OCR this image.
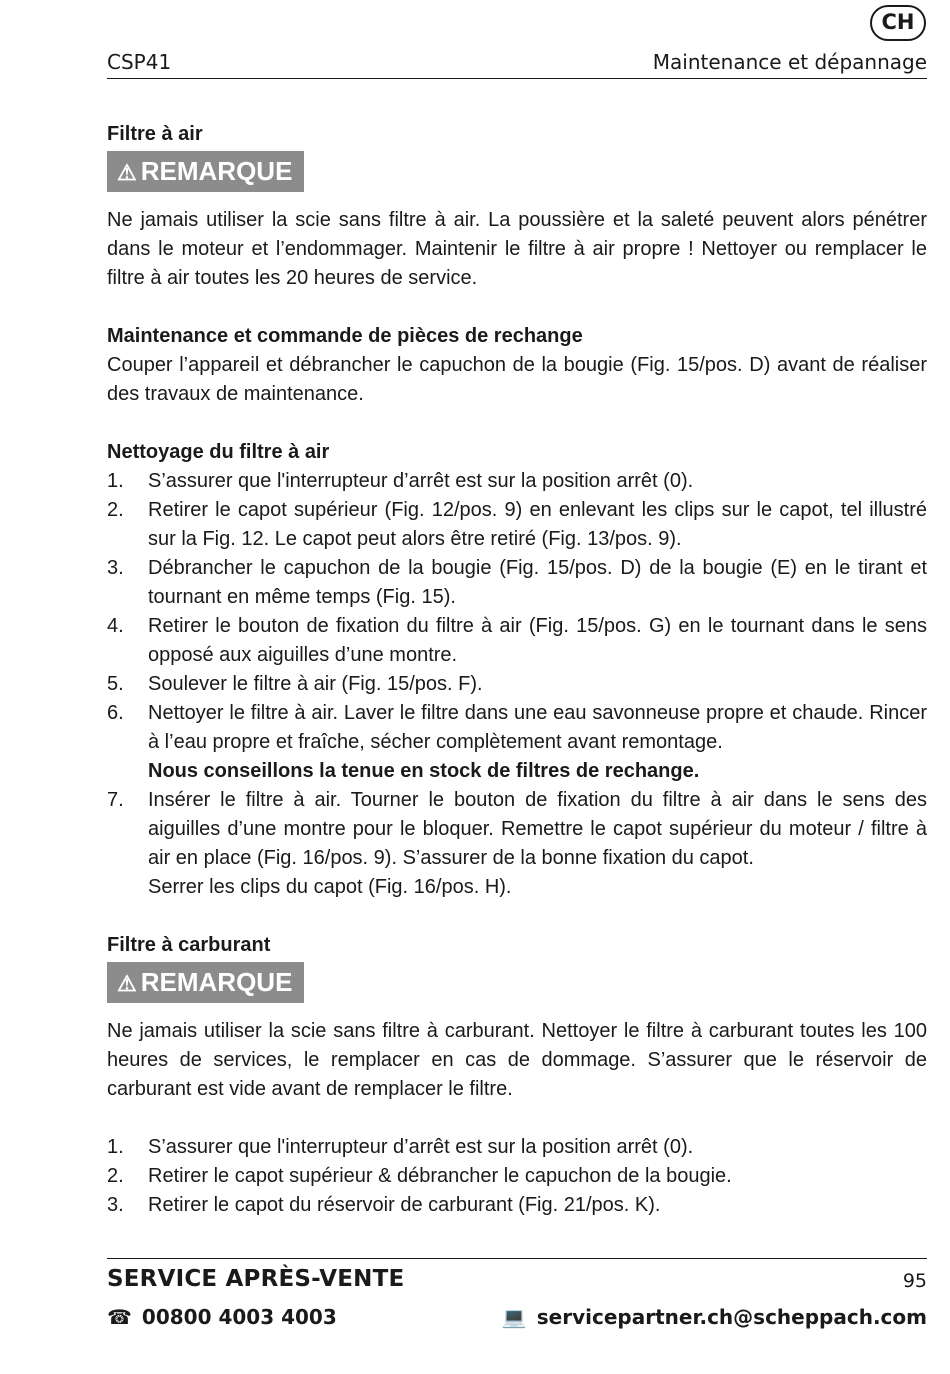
CH
CSP41	Maintenance et dépannage
Filtre à air
⚠ REMARQUE

Ne jamais utiliser la scie sans filtre à air. La poussière et la saleté peuvent alors pénétrer dans le moteur et l’endommager. Maintenir le filtre à air propre ! Nettoyer ou remplacer le filtre à air toutes les 20 heures de service.

Maintenance et commande de pièces de rechange

Couper l’appareil et débrancher le capuchon de la bougie (Fig. 15/pos. D) avant de réaliser des travaux de maintenance.

Nettoyage du filtre à air
1. S’assurer que l'interrupteur d’arrêt est sur la position arrêt (0).
2. Retirer le capot supérieur (Fig. 12/pos. 9) en enlevant les clips sur le capot, tel illustré sur la Fig. 12. Le capot peut alors être retiré (Fig. 13/pos. 9).
3. Débrancher le capuchon de la bougie (Fig. 15/pos. D) de la bougie (E) en le tirant et tournant en même temps (Fig. 15).
4. Retirer le bouton de fixation du filtre à air (Fig. 15/pos. G) en le tournant dans le sens opposé aux aiguilles d’une montre.
5. Soulever le filtre à air (Fig. 15/pos. F).
6. Nettoyer le filtre à air. Laver le filtre dans une eau savonneuse propre et chaude. Rincer à l’eau propre et fraîche, sécher complètement avant remontage.
Nous conseillons la tenue en stock de filtres de rechange.
7. Insérer le filtre à air. Tourner le bouton de fixation du filtre à air dans le sens des aiguilles d’une montre pour le bloquer. Remettre le capot supérieur du moteur / filtre à air en place (Fig. 16/pos. 9). S’assurer de la bonne fixation du capot.
Serrer les clips du capot (Fig. 16/pos. H).
Filtre à carburant
⚠ REMARQUE

Ne jamais utiliser la scie sans filtre à carburant. Nettoyer le filtre à carburant toutes les 100 heures de services, le remplacer en cas de dommage. S’assurer que le réservoir de carburant est vide avant de remplacer le filtre.

1. S’assurer que l'interrupteur d’arrêt est sur la position arrêt (0).
2. Retirer le capot supérieur & débrancher le capuchon de la bougie.
3. Retirer le capot du réservoir de carburant (Fig. 21/pos. K).
SERVICE APRÈS-VENTE	95
☎ 00800 4003 4003	💻 servicepartner.ch@scheppach.com
